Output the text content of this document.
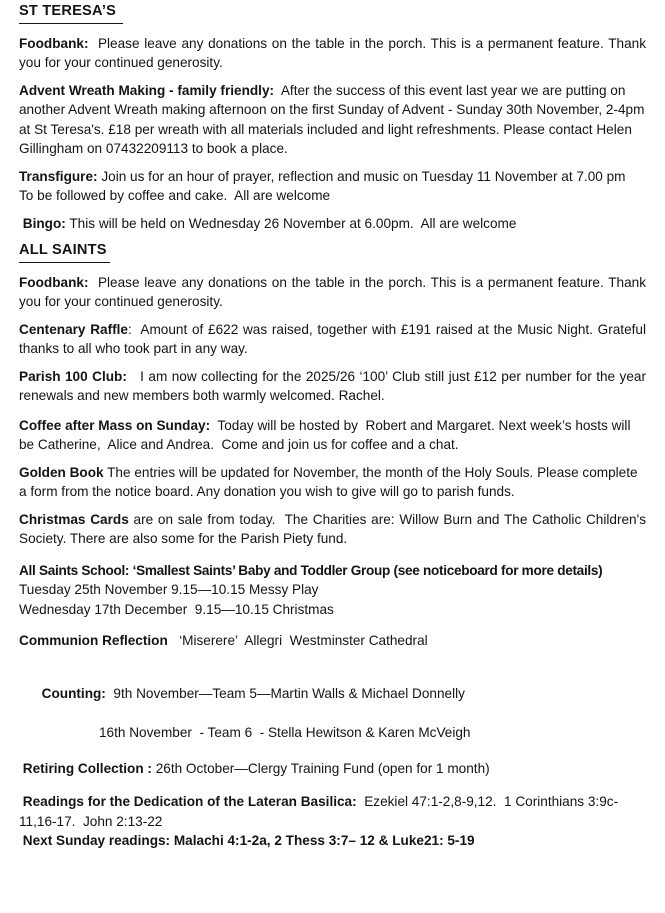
ST TERESA’S
Foodbank:  Please leave any donations on the table in the porch. This is a permanent feature. Thank you for your continued generosity.
Advent Wreath Making - family friendly:  After the success of this event last year we are putting on another Advent Wreath making afternoon on the first Sunday of Advent - Sunday 30th November, 2-4pm at St Teresa's. £18 per wreath with all materials included and light refreshments. Please contact Helen Gillingham on 07432209113 to book a place.
Transfigure: Join us for an hour of prayer, reflection and music on Tuesday 11 November at 7.00 pm  To be followed by coffee and cake.  All are welcome
Bingo: This will be held on Wednesday 26 November at 6.00pm.  All are welcome
ALL SAINTS
Foodbank:  Please leave any donations on the table in the porch. This is a permanent feature. Thank you for your continued generosity.
Centenary Raffle:  Amount of £622 was raised, together with £191 raised at the Music Night. Grateful thanks to all who took part in any way.
Parish 100 Club:   I am now collecting for the 2025/26 ‘100’ Club still just £12 per number for the year renewals and new members both warmly welcomed. Rachel.
Coffee after Mass on Sunday:  Today will be hosted by  Robert and Margaret. Next week’s hosts will be Catherine,  Alice and Andrea.  Come and join us for coffee and a chat.
Golden Book The entries will be updated for November, the month of the Holy Souls. Please complete a form from the notice board. Any donation you wish to give will go to parish funds.
Christmas Cards are on sale from today.  The Charities are: Willow Burn and The Catholic Children's Society. There are also some for the Parish Piety fund.
All Saints School: ‘Smallest Saints’ Baby and Toddler Group (see noticeboard for more details)
Tuesday 25th November 9.15—10.15 Messy Play
Wednesday 17th December  9.15—10.15 Christmas
Communion Reflection   ‘Miserere’  Allegri  Westminster Cathedral

Counting:  9th November—Team 5—Martin Walls & Michael Donnelly

16th November  - Team 6  - Stella Hewitson & Karen McVeigh
Retiring Collection : 26th October—Clergy Training Fund (open for 1 month)
Readings for the Dedication of the Lateran Basilica:  Ezekiel 47:1-2,8-9,12.  1 Corinthians 3:9c-11,16-17.  John 2:13-22
Next Sunday readings: Malachi 4:1-2a, 2 Thess 3:7– 12 & Luke21: 5-19
